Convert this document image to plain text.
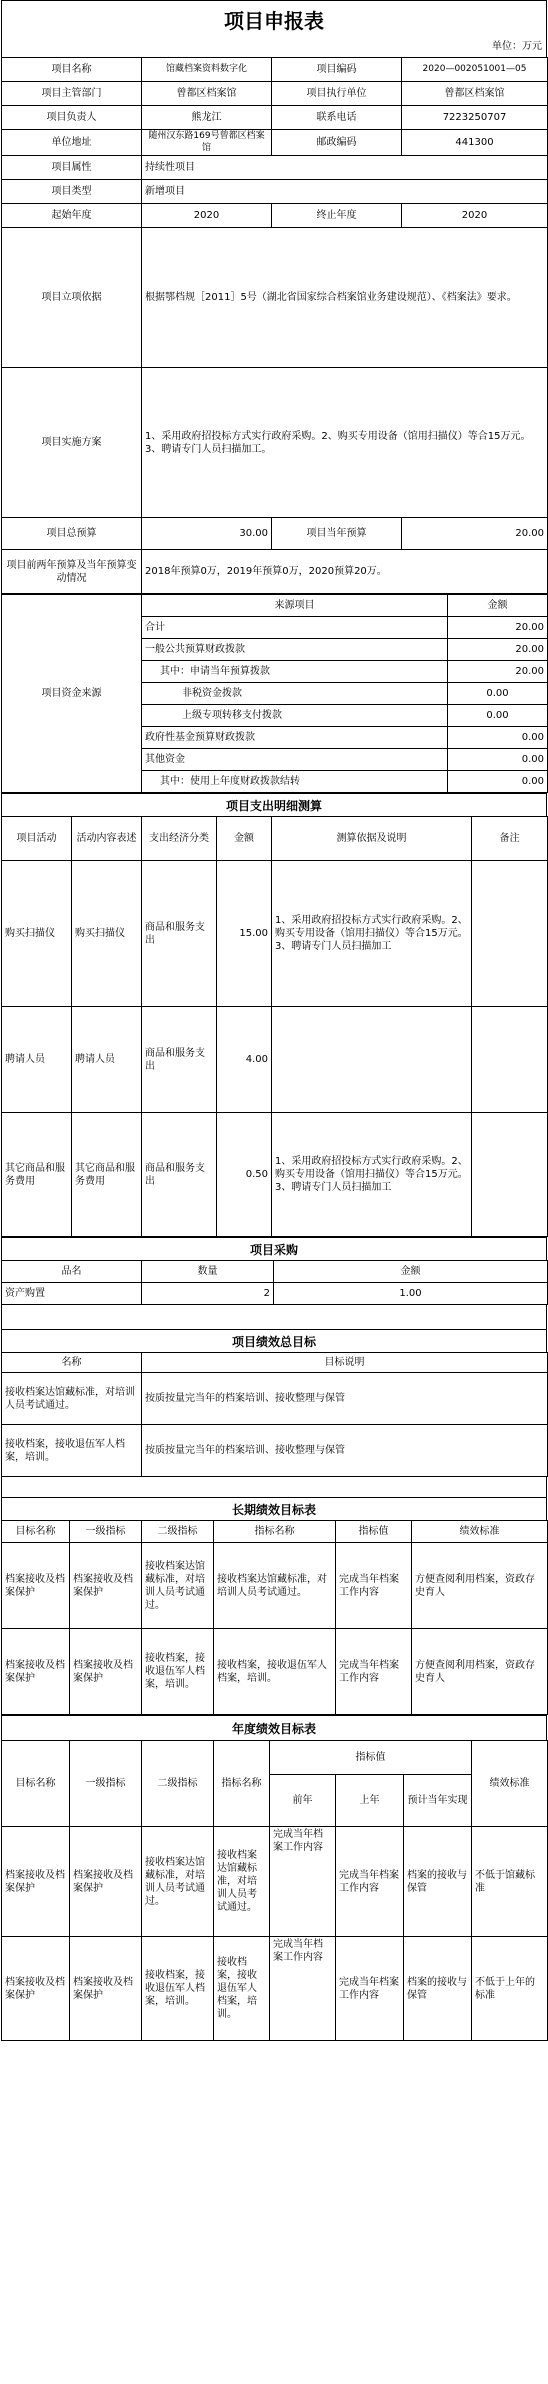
项目申报表
单位：万元
项目名称	馆藏档案资料数字化	项目编码	2020—002051001—05
项目主管部门	曾都区档案馆	项目执行单位	曾都区档案馆
项目负责人	熊龙江	联系电话	7223250707
单位地址	随州汉东路169号曾都区档案馆	邮政编码	441300
项目属性	持续性项目		
项目类型	新增项目		
起始年度	2020	终止年度	2020
项目立项依据	根据鄂档规［2011］5号（湖北省国家综合档案馆业务建设规范）、《档案法》要求。		
项目实施方案	1、采用政府招投标方式实行政府采购。2、购买专用设备（馆用扫描仪）等合15万元。3、聘请专门人员扫描加工。		
项目总预算	30.00	项目当年预算	20.00
项目前两年预算及当年预算变动情况	2018年预算0万，2019年预算0万，2020预算20万。		
项目资金来源	来源项目	金额
	合计	20.00
	一般公共预算财政拨款	20.00
	其中：申请当年预算拨款	20.00
	非税资金拨款	0.00
	上级专项转移支付拨款	0.00
	政府性基金预算财政拨款	0.00
	其他资金	0.00
	其中：使用上年度财政拨款结转	0.00
项目支出明细测算
项目活动	活动内容表述	支出经济分类	金额	测算依据及说明	备注
购买扫描仪	购买扫描仪	商品和服务支出	15.00	1、采用政府招投标方式实行政府采购。2、购买专用设备（馆用扫描仪）等合15万元。3、聘请专门人员扫描加工	
聘请人员	聘请人员	商品和服务支出	4.00		
其它商品和服务费用	其它商品和服务费用	商品和服务支出	0.50	1、采用政府招投标方式实行政府采购。2、购买专用设备（馆用扫描仪）等合15万元。3、聘请专门人员扫描加工	
项目采购
品名	数量	金额
资产购置	2	1.00
项目绩效总目标
名称	目标说明
接收档案达馆藏标准，对培训人员考试通过。	按质按量完当年的档案培训、接收整理与保管
接收档案，接收退伍军人档案，培训。	按质按量完当年的档案培训、接收整理与保管
长期绩效目标表
目标名称	一级指标	二级指标	指标名称	指标值	绩效标准
档案接收及档案保护	档案接收及档案保护	接收档案达馆藏标准，对培训人员考试通过。	接收档案达馆藏标准，对培训人员考试通过。	完成当年档案工作内容	方便查阅利用档案，资政存史育人
档案接收及档案保护	档案接收及档案保护	接收档案，接收退伍军人档案，培训。	接收档案，接收退伍军人档案，培训。	完成当年档案工作内容	方便查阅利用档案，资政存史育人
年度绩效目标表
目标名称	一级指标	二级指标	指标名称	指标值			绩效标准
				前年	上年	预计当年实现	
档案接收及档案保护	档案接收及档案保护	接收档案达馆藏标准，对培训人员考试通过。	接收档案达馆藏标准，对培训人员考试通过。	完成当年档案工作内容	完成当年档案工作内容	档案的接收与保管	不低于馆藏标准
档案接收及档案保护	档案接收及档案保护	接收档案，接收退伍军人档案，培训。	接收档案，接收退伍军人档案，培训。	完成当年档案工作内容	完成当年档案工作内容	档案的接收与保管	不低于上年的标准
